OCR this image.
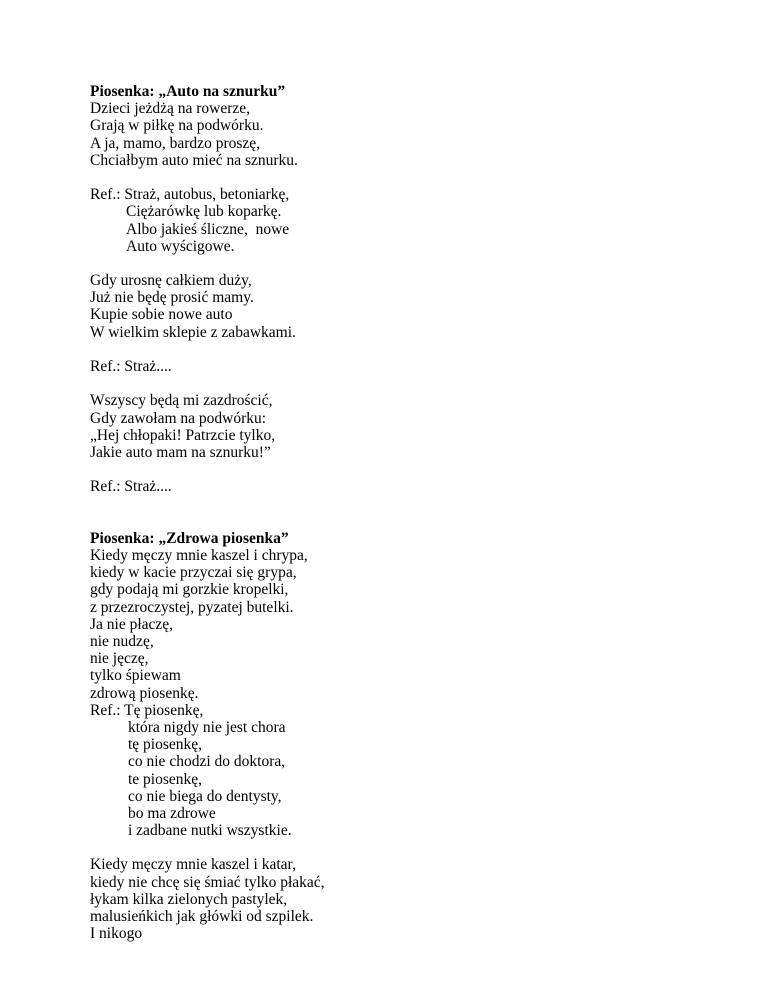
Piosenka: „Auto na sznurku”
Dzieci jeżdżą na rowerze,
Grają w piłkę na podwórku.
A ja, mamo, bardzo proszę,
Chciałbym auto mieć na sznurku.
Ref.: Straż, autobus, betoniarkę,
Ciężarówkę lub koparkę.
Albo jakieś śliczne,  nowe
Auto wyścigowe.
Gdy urosnę całkiem duży,
Już nie będę prosić mamy.
Kupie sobie nowe auto
W wielkim sklepie z zabawkami.
Ref.: Straż....
Wszyscy będą mi zazdrościć,
Gdy zawołam na podwórku:
„Hej chłopaki! Patrzcie tylko,
Jakie auto mam na sznurku!”
Ref.: Straż....
Piosenka: „Zdrowa piosenka”
Kiedy męczy mnie kaszel i chrypa,
kiedy w kacie przyczai się grypa,
gdy podają mi gorzkie kropelki,
z przezroczystej, pyzatej butelki.
Ja nie płaczę,
nie nudzę,
nie jęczę,
tylko śpiewam
zdrową piosenkę.
Ref.: Tę piosenkę,
która nigdy nie jest chora
tę piosenkę,
co nie chodzi do doktora,
te piosenkę,
co nie biega do dentysty,
bo ma zdrowe
i zadbane nutki wszystkie.
Kiedy męczy mnie kaszel i katar,
kiedy nie chcę się śmiać tylko płakać,
łykam kilka zielonych pastylek,
malusieńkich jak główki od szpilek.
I nikogo
